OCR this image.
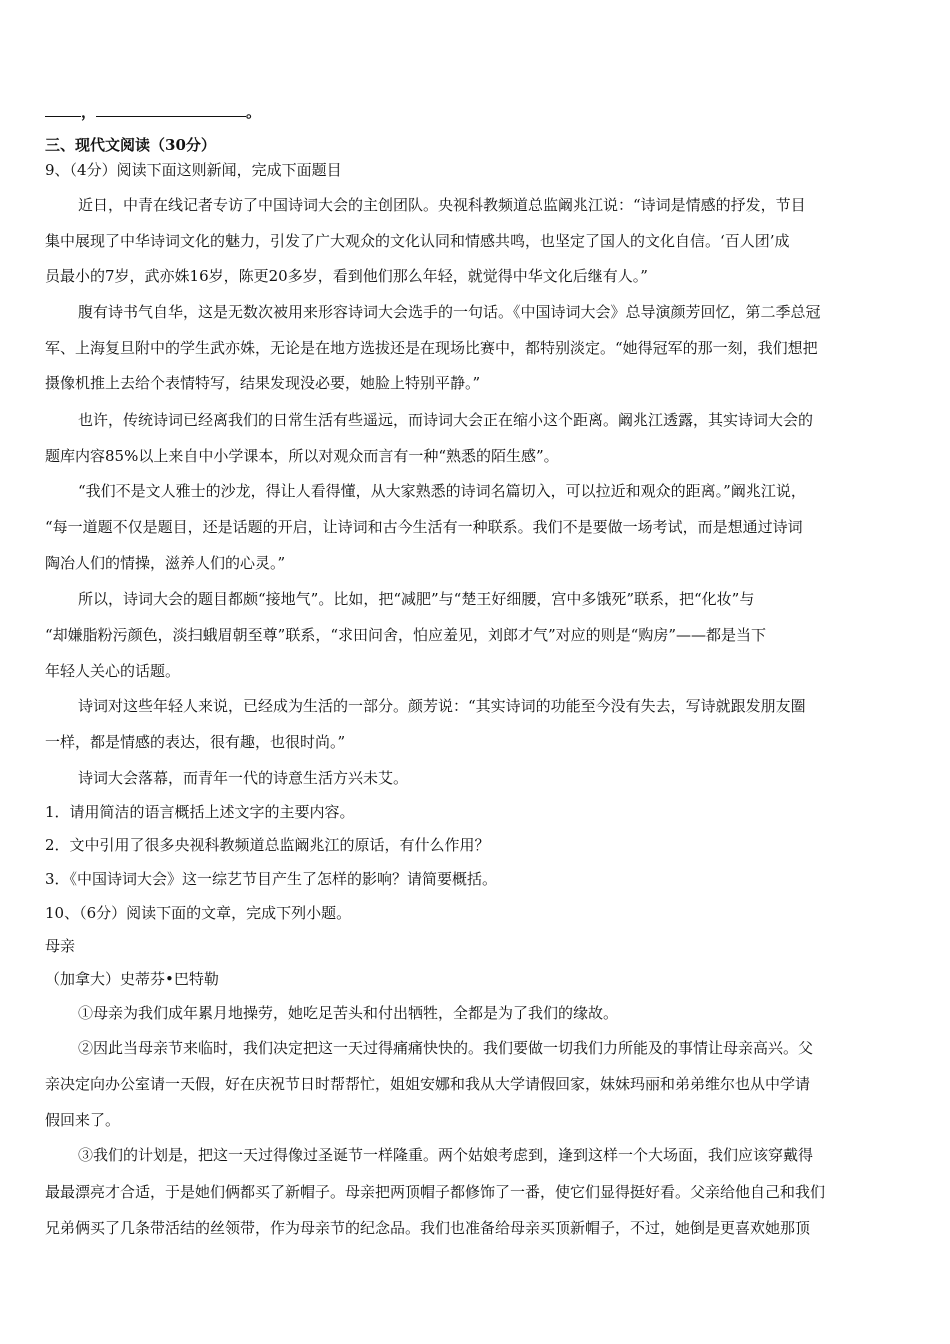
，	。
三、现代文阅读（30分）
9、（4分）阅读下面这则新闻，完成下面题目
近日，中青在线记者专访了中国诗词大会的主创团队。央视科教频道总监阚兆江说：“诗词是情感的抒发，节目
集中展现了中华诗词文化的魅力，引发了广大观众的文化认同和情感共鸣，也坚定了国人的文化自信。‘百人团’成
员最小的7岁，武亦姝16岁，陈更20多岁，看到他们那么年轻，就觉得中华文化后继有人。”
腹有诗书气自华，这是无数次被用来形容诗词大会选手的一句话。《中国诗词大会》总导演颜芳回忆，第二季总冠
军、上海复旦附中的学生武亦姝，无论是在地方选拔还是在现场比赛中，都特别淡定。“她得冠军的那一刻，我们想把
摄像机推上去给个表情特写，结果发现没必要，她脸上特别平静。”
也许，传统诗词已经离我们的日常生活有些遥远，而诗词大会正在缩小这个距离。阚兆江透露，其实诗词大会的
题库内容85%以上来自中小学课本，所以对观众而言有一种“熟悉的陌生感”。
“我们不是文人雅士的沙龙，得让人看得懂，从大家熟悉的诗词名篇切入，可以拉近和观众的距离。”阚兆江说，
“每一道题不仅是题目，还是话题的开启，让诗词和古今生活有一种联系。我们不是要做一场考试，而是想通过诗词
陶冶人们的情操，滋养人们的心灵。”
所以，诗词大会的题目都颇“接地气”。比如，把“减肥”与“楚王好细腰，宫中多饿死”联系，把“化妆”与
“却嫌脂粉污颜色，淡扫蛾眉朝至尊”联系，“求田问舍，怕应羞见，刘郎才气”对应的则是“购房”——都是当下
年轻人关心的话题。
诗词对这些年轻人来说，已经成为生活的一部分。颜芳说：“其实诗词的功能至今没有失去，写诗就跟发朋友圈
一样，都是情感的表达，很有趣，也很时尚。”
诗词大会落幕，而青年一代的诗意生活方兴未艾。
1．请用简洁的语言概括上述文字的主要内容。
2．文中引用了很多央视科教频道总监阚兆江的原话，有什么作用？
3．《中国诗词大会》这一综艺节目产生了怎样的影响？请简要概括。
10、（6分）阅读下面的文章，完成下列小题。
母亲
（加拿大）史蒂芬•巴特勒
①母亲为我们成年累月地操劳，她吃足苦头和付出牺牲，全都是为了我们的缘故。
②因此当母亲节来临时，我们决定把这一天过得痛痛快快的。我们要做一切我们力所能及的事情让母亲高兴。父
亲决定向办公室请一天假，好在庆祝节日时帮帮忙，姐姐安娜和我从大学请假回家，妹妹玛丽和弟弟维尔也从中学请
假回来了。
③我们的计划是，把这一天过得像过圣诞节一样隆重。两个姑娘考虑到，逢到这样一个大场面，我们应该穿戴得
最最漂亮才合适，于是她们俩都买了新帽子。母亲把两顶帽子都修饰了一番，使它们显得挺好看。父亲给他自己和我们
兄弟俩买了几条带活结的丝领带，作为母亲节的纪念品。我们也准备给母亲买顶新帽子，不过，她倒是更喜欢她那顶
